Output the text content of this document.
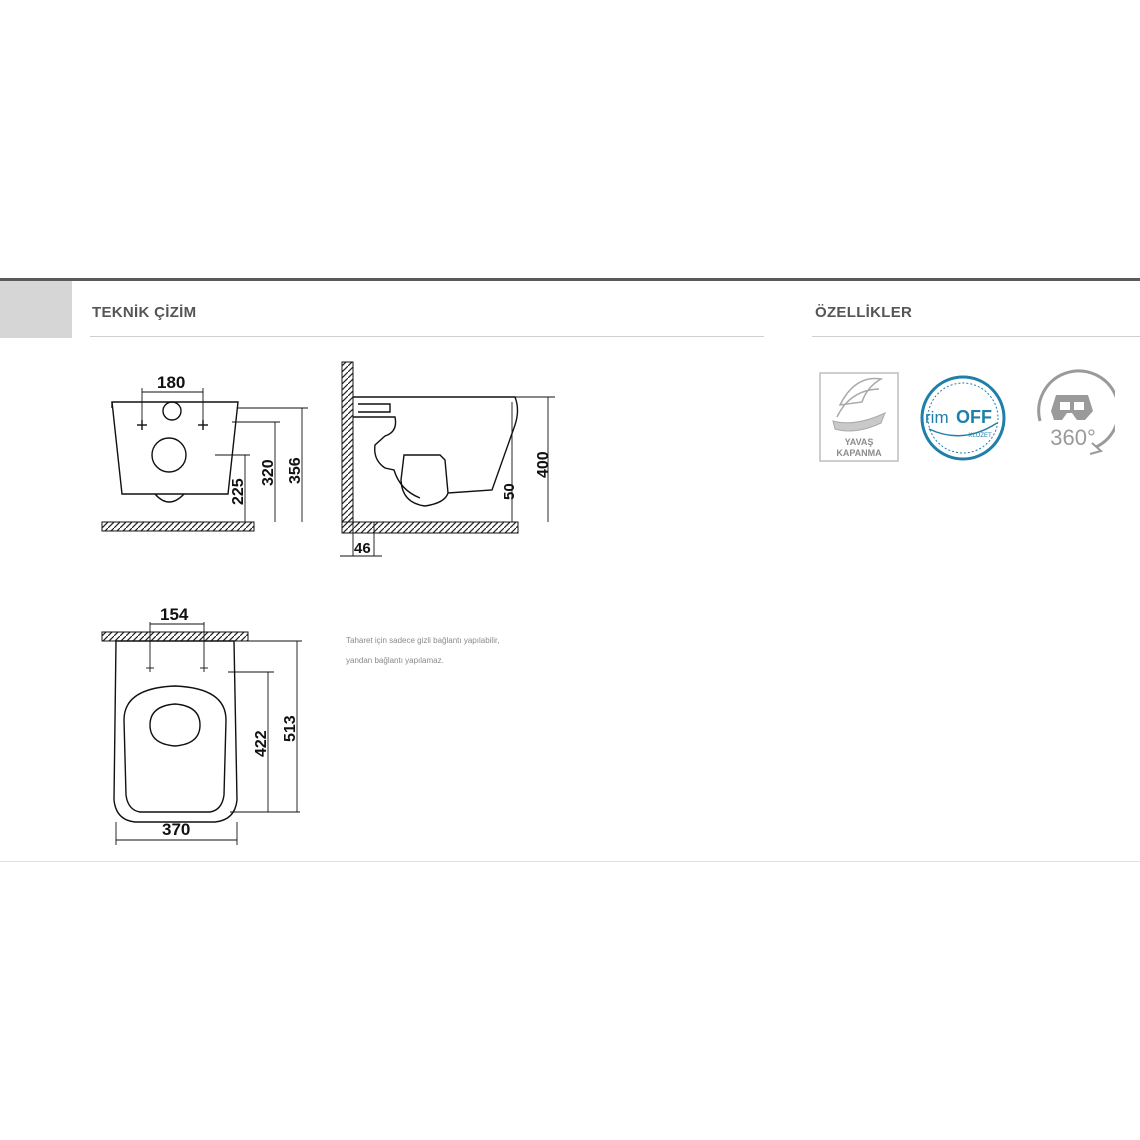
TEKNİK ÇİZİM	ÖZELLİKLER
180
225
320 356	400
50
46
154
422
513
370
Taharet için sadece gizli bağlantı yapılabilir,
yandan bağlantı yapılamaz.
YAVAŞ
KAPANMA
rim OFF
KLOZET	360°
